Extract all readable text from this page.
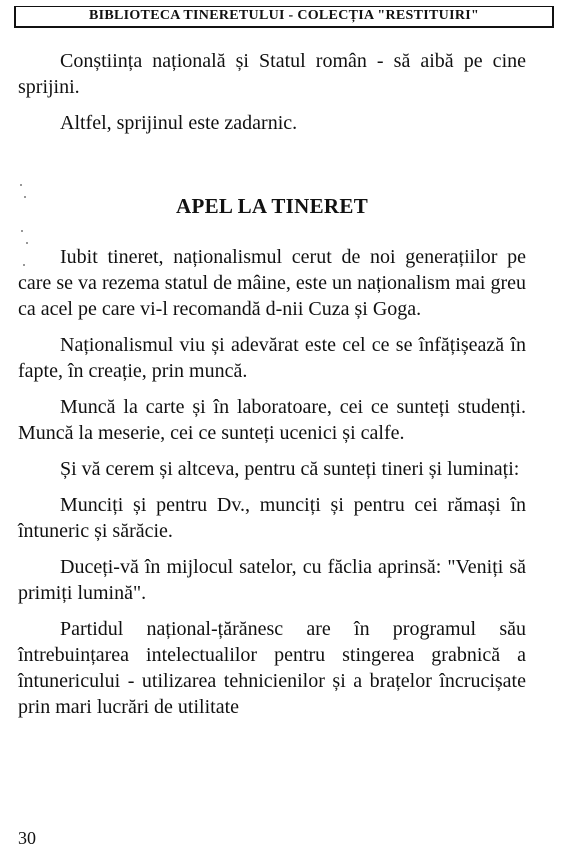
BIBLIOTECA TINERETULUI - COLECȚIA "RESTITUIRI"

Conștiința națională și Statul român - să aibă pe cine sprijini.

Altfel, sprijinul este zadarnic.

APEL LA TINERET

Iubit tineret, naționalismul cerut de noi generațiilor pe care se va rezema statul de mâine, este un naționalism mai greu ca acel pe care vi-l recomandă d-nii Cuza și Goga.

Naționalismul viu și adevărat este cel ce se înfățișează în fapte, în creație, prin muncă.

Muncă la carte și în laboratoare, cei ce sunteți studenți. Muncă la meserie, cei ce sunteți ucenici și calfe.

Și vă cerem și altceva, pentru că sunteți tineri și luminați:

Munciți și pentru Dv., munciți și pentru cei rămași în întuneric și sărăcie.

Duceți-vă în mijlocul satelor, cu făclia aprinsă: "Veniți să primiți lumină".

Partidul național-țărănesc are în programul său întrebuințarea intelectualilor pentru stingerea grabnică a întunericului - utilizarea tehnicienilor și a brațelor încrucișate prin mari lucrări de utilitate

30
